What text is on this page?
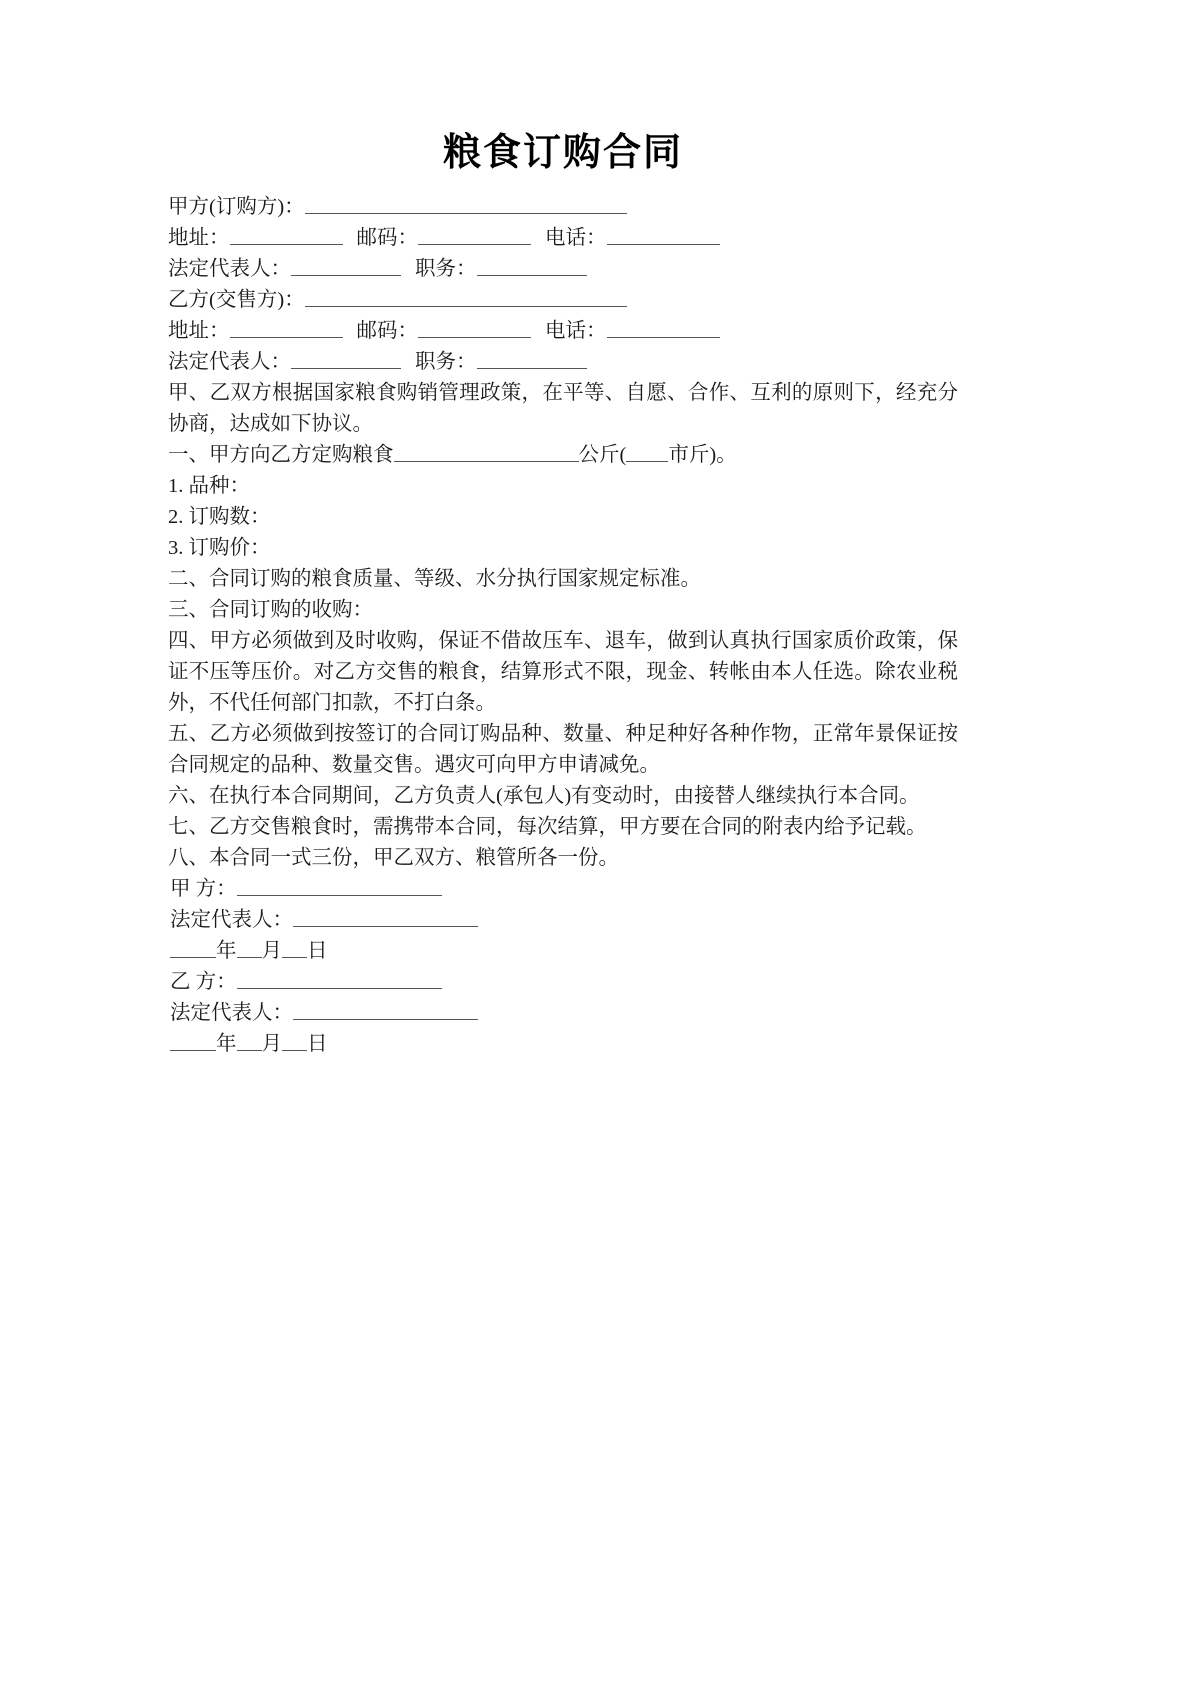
粮食订购合同
甲方(订购方)：
地址：	邮码：	电话：
法定代表人：	职务：
乙方(交售方)：
地址：	邮码：	电话：
法定代表人：	职务：
甲、乙双方根据国家粮食购销管理政策，在平等、自愿、合作、互利的原则下，经充分协商，达成如下协议。
一、甲方向乙方定购粮食	公斤( 市斤)。
1. 品种：
2. 订购数：
3. 订购价：
二、合同订购的粮食质量、等级、水分执行国家规定标准。
三、合同订购的收购：
四、甲方必须做到及时收购，保证不借故压车、退车，做到认真执行国家质价政策，保证不压等压价。对乙方交售的粮食，结算形式不限，现金、转帐由本人任选。除农业税外，不代任何部门扣款，不打白条。
五、乙方必须做到按签订的合同订购品种、数量、种足种好各种作物，正常年景保证按合同规定的品种、数量交售。遇灾可向甲方申请减免。
六、在执行本合同期间，乙方负责人(承包人)有变动时，由接替人继续执行本合同。
七、乙方交售粮食时，需携带本合同，每次结算，甲方要在合同的附表内给予记载。
八、本合同一式三份，甲乙双方、粮管所各一份。
甲 方：
法定代表人：
年 月 日
乙 方：
法定代表人：
年 月 日
